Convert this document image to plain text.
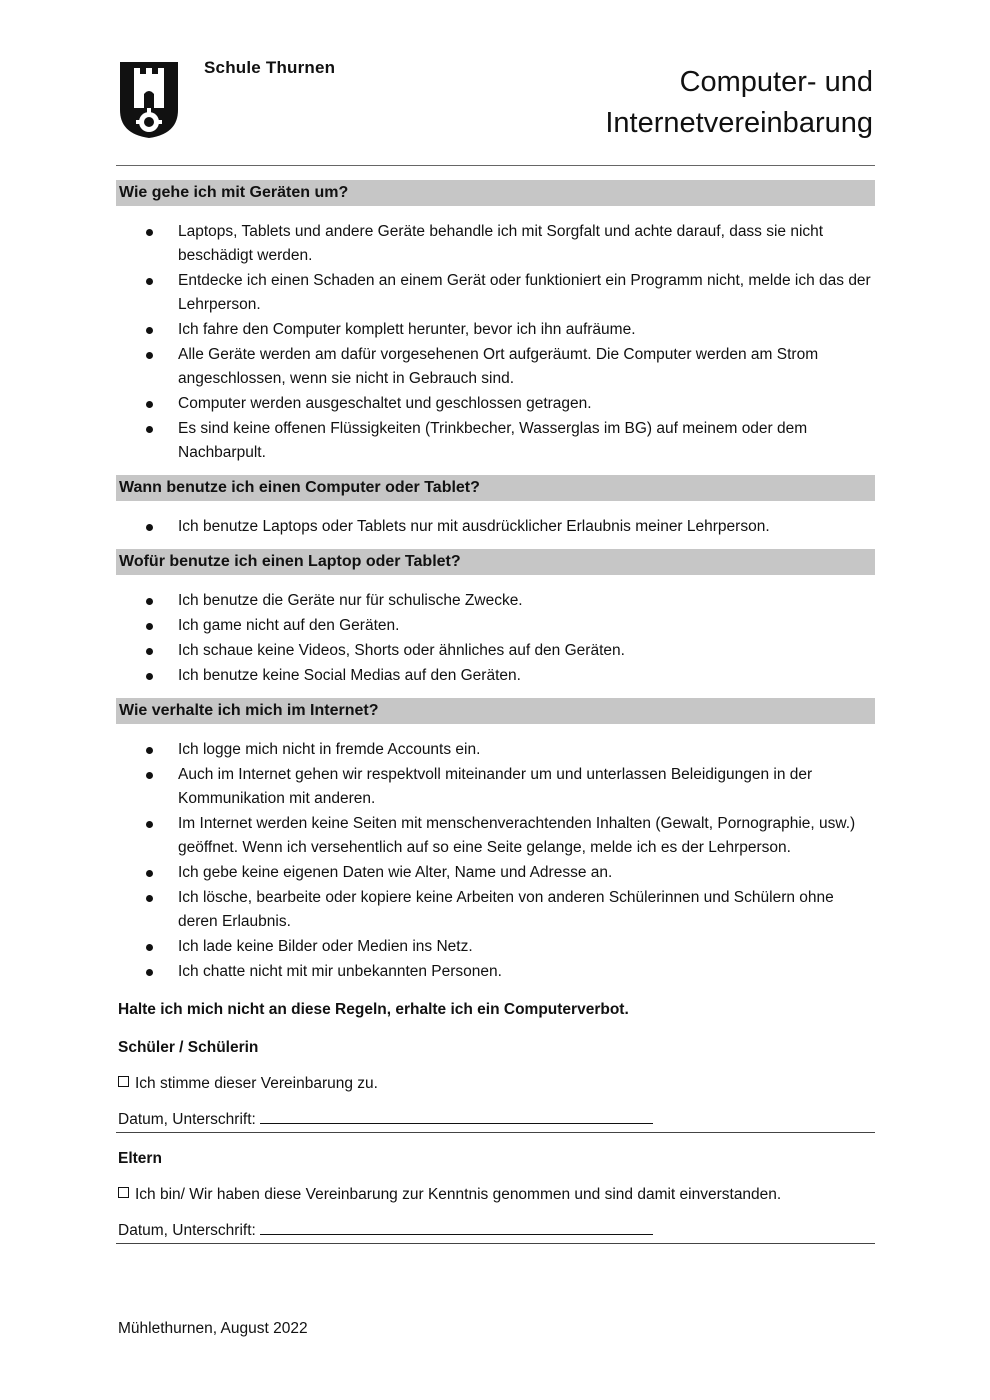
Schule Thurnen	Computer- und
Internetvereinbarung
Wie gehe ich mit Geräten um?
Laptops, Tablets und andere Geräte behandle ich mit Sorgfalt und achte darauf, dass sie nicht beschädigt werden.
Entdecke ich einen Schaden an einem Gerät oder funktioniert ein Programm nicht, melde ich das der Lehrperson.
Ich fahre den Computer komplett herunter, bevor ich ihn aufräume.
Alle Geräte werden am dafür vorgesehenen Ort aufgeräumt. Die Computer werden am Strom angeschlossen, wenn sie nicht in Gebrauch sind.
Computer werden ausgeschaltet und geschlossen getragen.
Es sind keine offenen Flüssigkeiten (Trinkbecher, Wasserglas im BG) auf meinem oder dem Nachbarpult.
Wann benutze ich einen Computer oder Tablet?
Ich benutze Laptops oder Tablets nur mit ausdrücklicher Erlaubnis meiner Lehrperson.
Wofür benutze ich einen Laptop oder Tablet?
Ich benutze die Geräte nur für schulische Zwecke.
Ich game nicht auf den Geräten.
Ich schaue keine Videos, Shorts oder ähnliches auf den Geräten.
Ich benutze keine Social Medias auf den Geräten.
Wie verhalte ich mich im Internet?
Ich logge mich nicht in fremde Accounts ein.
Auch im Internet gehen wir respektvoll miteinander um und unterlassen Beleidigungen in der Kommunikation mit anderen.
Im Internet werden keine Seiten mit menschenverachtenden Inhalten (Gewalt, Pornographie, usw.) geöffnet. Wenn ich versehentlich auf so eine Seite gelange, melde ich es der Lehrperson.
Ich gebe keine eigenen Daten wie Alter, Name und Adresse an.
Ich lösche, bearbeite oder kopiere keine Arbeiten von anderen Schülerinnen und Schülern ohne deren Erlaubnis.
Ich lade keine Bilder oder Medien ins Netz.
Ich chatte nicht mit mir unbekannten Personen.
Halte ich mich nicht an diese Regeln, erhalte ich ein Computerverbot.
Schüler / Schülerin
Ich stimme dieser Vereinbarung zu.
Datum, Unterschrift:
Eltern
Ich bin/ Wir haben diese Vereinbarung zur Kenntnis genommen und sind damit einverstanden.
Datum, Unterschrift:
Mühlethurnen, August 2022
